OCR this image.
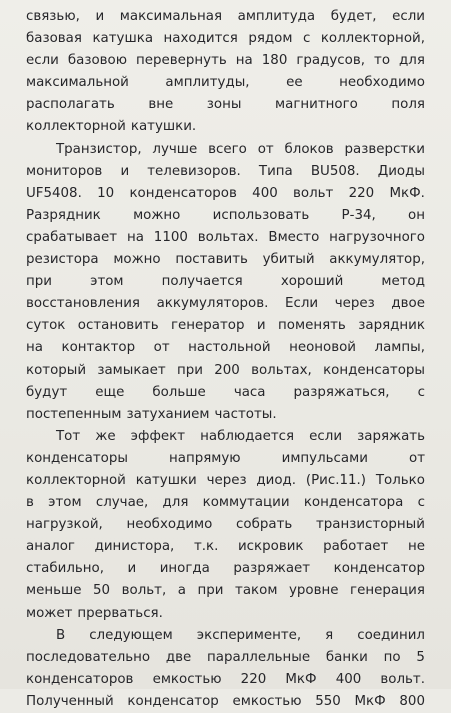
связью, и максимальная амплитуда будет, если
базовая катушка находится рядом с коллекторной,
если базовою перевернуть на 180 градусов, то для
максимальной	амплитуды,	ее	необходимо
располагать	вне	зоны	магнитного	поля
коллекторной катушки.
Транзистор, лучше всего от блоков разверстки
мониторов и телевизоров. Типа BU508. Диоды
UF5408. 10 конденсаторов 400 вольт 220 МкФ.
Разрядник можно использовать Р-34, он
срабатывает на 1100 вольтах. Вместо нагрузочного
резистора можно поставить убитый аккумулятор,
при	этом	получается	хороший	метод
восстановления аккумуляторов. Если через двое
суток остановить генератор и поменять зарядник
на контактор от настольной неоновой лампы,
который замыкает при 200 вольтах, конденсаторы
будут еще больше часа разряжаться, с
постепенным затуханием частоты.
Тот же эффект наблюдается если заряжать
конденсаторы	напрямую	импульсами	от
коллекторной катушки через диод. (Рис.11.) Только
в этом случае, для коммутации конденсатора с
нагрузкой, необходимо собрать транзисторный
аналог динистора, т.к. искровик работает не
стабильно, и иногда разряжает конденсатор
меньше 50 вольт, а при таком уровне генерация
может прерваться.
В следующем эксперименте, я соединил
последовательно две параллельные банки по 5
конденсаторов емкостью 220 МкФ 400 вольт.
Полученный конденсатор емкостью 550 МкФ 800
